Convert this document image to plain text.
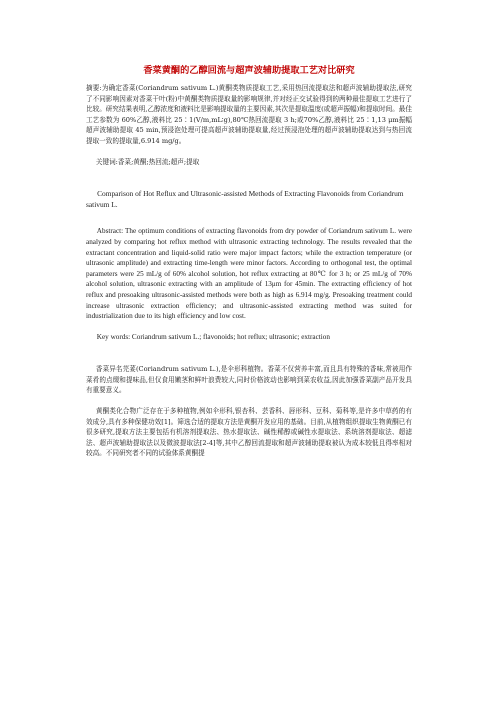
香菜黄酮的乙醇回流与超声波辅助提取工艺对比研究

摘要:为确定香菜(Coriandrum sativum L.)黄酮类物质提取工艺,采用热回流提取法和超声波辅助提取法,研究了不同影响因素对香菜干叶(粉)中黄酮类物质提取量的影响规律,并对经正交试验得到的两种最佳提取工艺进行了比较。研究结果表明,乙醇浓度和液料比是影响提取量的主要因素,其次是提取温度(或超声振幅)和提取时间。最佳工艺参数为 60%乙醇,液料比 25∶1(V/m,mL∶g),80℃热回流提取 3 h;或70%乙醇,液料比 25∶1,13 μm振幅超声波辅助提取 45 min,预浸泡处理可提高超声波辅助提取量,经过预浸泡处理的超声波辅助提取达到与热回流提取一致的提取量,6.914 mg/g。

关键词:香菜;黄酮;热回流;超声;提取

Comparison of Hot Reflux and Ultrasonic-assisted Methods of Extracting Flavonoids from Coriandrum sativum L.

Abstract: The optimum conditions of extracting flavonoids from dry powder of Coriandrum sativum L. were analyzed by comparing hot reflux method with ultrasonic extracting technology. The results revealed that the extractant concentration and liquid-solid ratio were major impact factors; while the extraction temperature (or ultrasonic amplitude) and extracting time-length were minor factors. According to orthogonal test, the optimal parameters were 25 mL/g of 60% alcohol solution, hot reflux extracting at 80℃ for 3 h; or 25 mL/g of 70% alcohol solution, ultrasonic extracting with an amplitude of 13μm for 45min. The extracting efficiency of hot reflux and presoaking ultrasonic-assisted methods were both as high as 6.914 mg/g. Presoaking treatment could increase ultrasonic extraction efficiency; and ultrasonic-assisted extracting method was suited for industrialization due to its high efficiency and low cost.

Key words: Coriandrum sativum L.; flavonoids; hot reflux; ultrasonic; extraction

香菜异名芫荽(Coriandrum sativum L.),是伞形科植物。香菜不仅营养丰富,而且具有特殊的香味,常被用作菜肴的点缀和提味品,但仅食用嫩茎和鲜叶浪费较大,同时价格波动也影响到菜农收益,因此加强香菜副产品开发具有重要意义。

黄酮类化合物广泛存在于多种植物,例如伞形科,银杏科、芸香科、唇形科、豆科、菊科等,是许多中草药的有效成分,具有多种保健功效[1]。筛选合适的提取方法是黄酮开发应用的基础。目前,从植物组织提取生物黄酮已有很多研究,提取方法主要包括有机溶剂提取法、热水提取法、碱性稀醇或碱性水提取法、系统溶剂提取法、超滤法、超声波辅助提取法以及微波提取法[2-4]等,其中乙醇回流提取和超声波辅助提取被认为成本较低且得率相对较高。不同研究者不同的试验体系黄酮提
